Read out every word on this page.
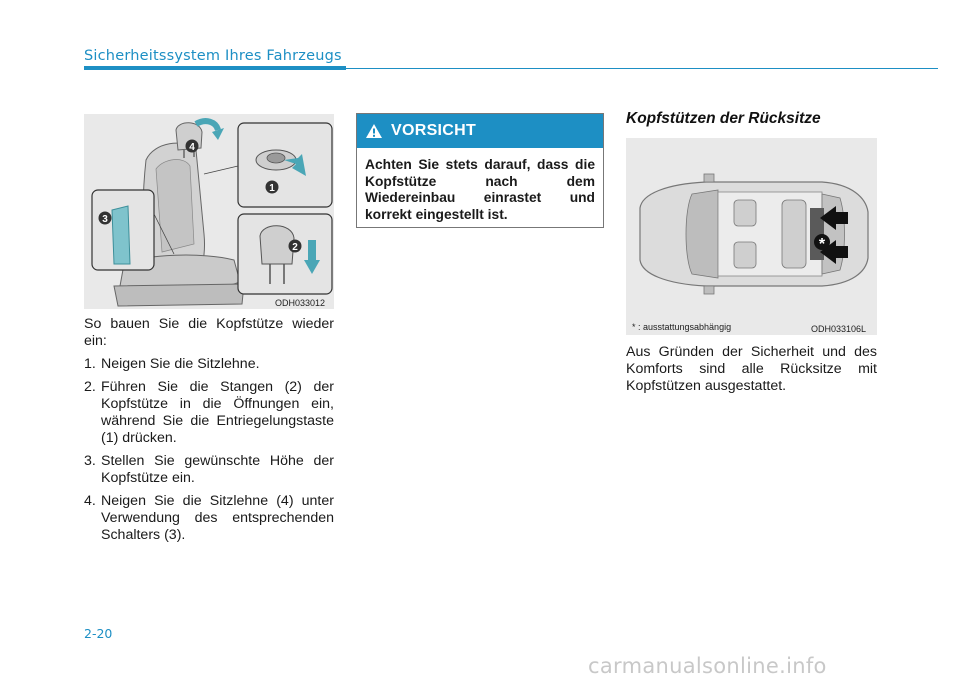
Sicherheitssystem Ihres Fahrzeugs
4
3
1
2
ODH033012

So bauen Sie die Kopfstütze wieder ein:

1. Neigen Sie die Sitzlehne.
2. Führen Sie die Stangen (2) der Kopfstütze in die Öffnungen ein, während Sie die Entriegelungstaste (1) drücken.
3. Stellen Sie gewünschte Höhe der Kopfstütze ein.
4. Neigen Sie die Sitzlehne (4) unter Verwendung des entsprechenden Schalters (3).
VORSICHT
Achten Sie stets darauf, dass die Kopfstütze nach dem Wiedereinbau einrastet und korrekt eingestellt ist.
Kopfstützen der Rücksitze
*
* : ausstattungsabhängig	ODH033106L

Aus Gründen der Sicherheit und des Komforts sind alle Rücksitze mit Kopfstützen ausgestattet.

2-20
carmanualsonline.info
